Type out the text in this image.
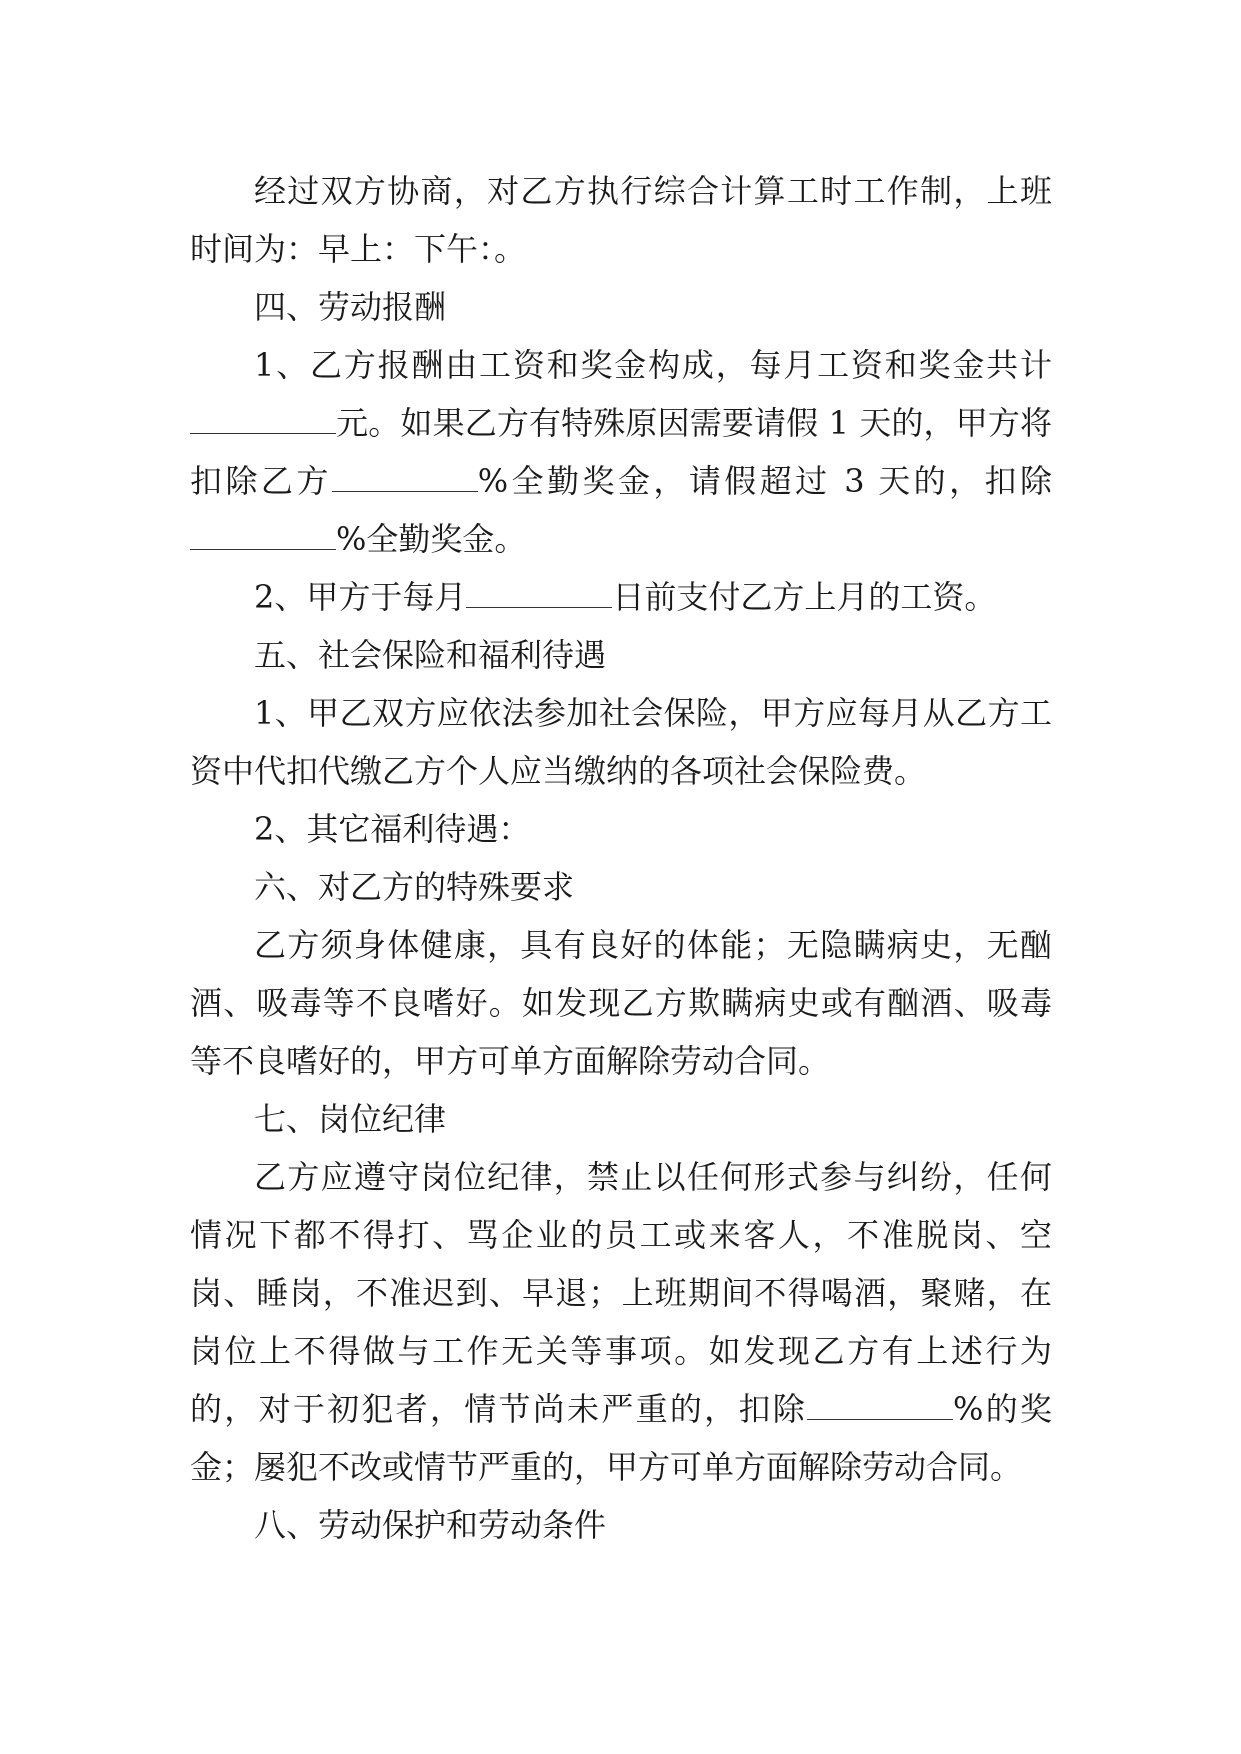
经过双方协商，对乙方执行综合计算工时工作制，上班时间为：早上：下午：。

四、劳动报酬

1、乙方报酬由工资和奖金构成，每月工资和奖金共计元。如果乙方有特殊原因需要请假 1 天的，甲方将扣除乙方	%全勤奖金，请假超过 3 天的，扣除%全勤奖金。

2、甲方于每月	日前支付乙方上月的工资。

五、社会保险和福利待遇

1、甲乙双方应依法参加社会保险，甲方应每月从乙方工资中代扣代缴乙方个人应当缴纳的各项社会保险费。

2、其它福利待遇：

六、对乙方的特殊要求

乙方须身体健康，具有良好的体能；无隐瞒病史，无酗酒、吸毒等不良嗜好。如发现乙方欺瞒病史或有酗酒、吸毒等不良嗜好的，甲方可单方面解除劳动合同。

七、岗位纪律

乙方应遵守岗位纪律，禁止以任何形式参与纠纷，任何情况下都不得打、骂企业的员工或来客人，不准脱岗、空岗、睡岗，不准迟到、早退；上班期间不得喝酒，聚赌，在岗位上不得做与工作无关等事项。如发现乙方有上述行为的，对于初犯者，情节尚未严重的，扣除	%的奖金；屡犯不改或情节严重的，甲方可单方面解除劳动合同。

八、劳动保护和劳动条件
